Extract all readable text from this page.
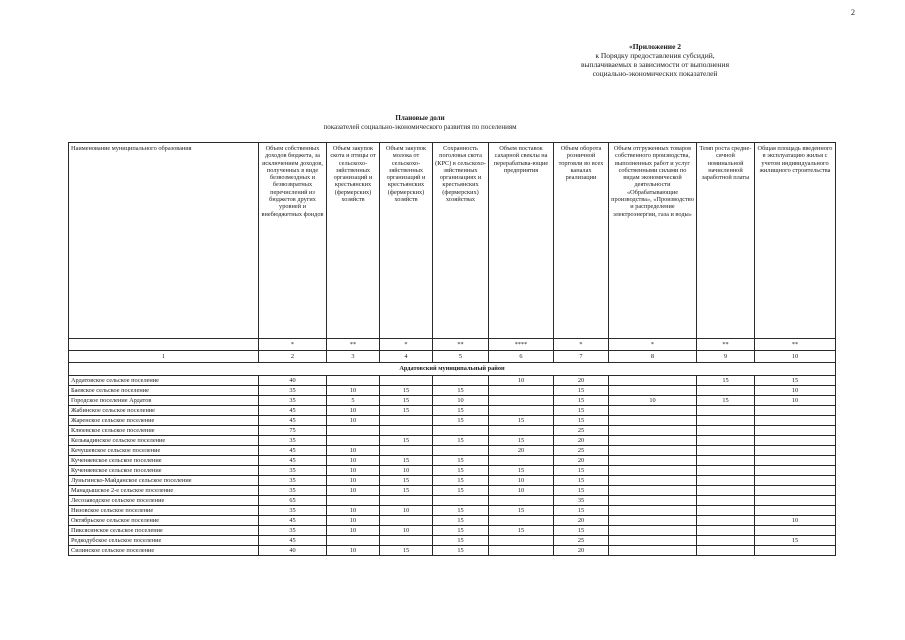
2
«Приложение 2
к Порядку предоставления субсидий,
выплачиваемых в зависимости от выполнения
социально-экономических показателей
Плановые доли
показателей социально-экономического развития по поселениям
Наименование муниципального образования	Объем собственных доходов бюджета, за исключением доходов, полученных в виде безвозмездных и безвозвратных перечислений из бюджетов других уровней и внебюджетных фондов	Объем закупок скота и птицы от сельскохо-зяйственных организаций и крестьянских (фермерских) хозяйств	Объем закупок молока от сельскохо-зяйственных организаций и крестьянских (фермерских) хозяйств	Сохранность поголовья скота (КРС) в сельскохо-зяйственных организациях и крестьянских (фермерских) хозяйствах	Объем поставок сахарной свеклы на перерабатыва-ющие предприятия	Объем оборота розничной торговли во всех каналах реализации	Объем отгруженных товаров собственного производства, выполненных работ и услуг собственными силами по видам экономической деятельности «Обрабатывающие производства», «Производство и распределение электроэнергии, газа и воды»	Темп роста средне-сячной номинальной начисленной заработной платы	Общая площадь введенного в эксплуатацию жилья с учетом индивидуального жилищного строительства
	*	**	*	**	****	*	*	**	**
1	2	3	4	5	6	7	8	9	10
Ардатовский муниципальный район									
Ардатовское сельское поселение	40				10	20		15	15
Баевское сельское поселение	35	10	15	15		15			10
Городское поселение Ардатов	35	5	15	10		15	10	15	10
Жабинское сельское поселение	45	10	15	15		15			
Жаренское сельское поселение	45	10		15	15	15			
Клюевское сельское поселение	75					25			
Кельвадинское сельское поселение	35		15	15	15	20			
Кечушевское сельское поселение	45	10			20	25			
Кученяевское сельское поселение	45	10	15	15		20			
Кученяевское сельское поселение	35	10	10	15	15	15			
Луньгинско-Майданское сельское поселение	35	10	15	15	10	15			
Манадышское 2-е сельское поселение	35	10	15	15	10	15			
Лесозаводское сельское поселение	65					35			
Низовское сельское поселение	35	10	10	15	15	15			
Октябрьское сельское поселение	45	10		15		20			10
Пиксясинское сельское поселение	35	10	10	15	15	15			
Редкодубское сельское поселение	45			15		25			15
Силинское сельское поселение	40	10	15	15		20			
